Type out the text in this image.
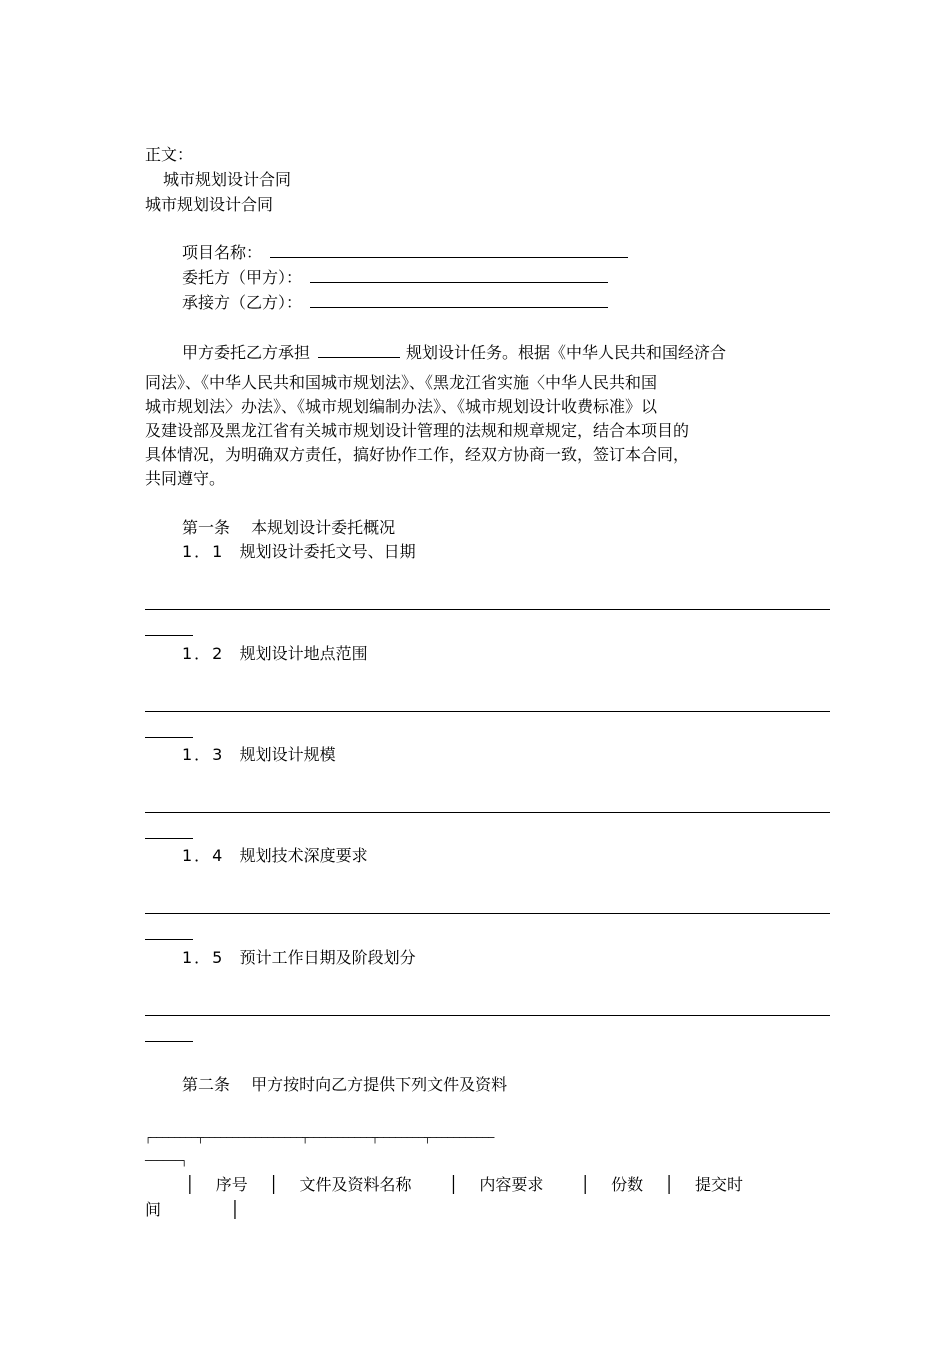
正文：
城市规划设计合同
城市规划设计合同
项目名称：
委托方（甲方）：
承接方（乙方）：
甲方委托乙方承担	规划设计任务。根据《中华人民共和国经济合
同法》、《中华人民共和国城市规划法》、《黑龙江省实施〈中华人民共和国
城市规划法〉办法》、《城市规划编制办法》、《城市规划设计收费标准》以
及建设部及黑龙江省有关城市规划设计管理的法规和规章规定，结合本项目的
具体情况，为明确双方责任，搞好协作工作，经双方协商一致，签订本合同，
共同遵守。
第一条　 本规划设计委托概况
1．1 规划设计委托文号、日期
1．2 规划设计地点范围
1．3 规划设计规模
1．4 规划技术深度要求
1．5 预计工作日期及阶段划分
第二条　 甲方按时向乙方提供下列文件及资料
┌────────┬─────────────────┬───────────┬────────┬───────────
──────┐
│　 序号　 │　 文件及资料名称　　 │　 内容要求　　 │　 份数　 │　 提交时
间　　　　 │
